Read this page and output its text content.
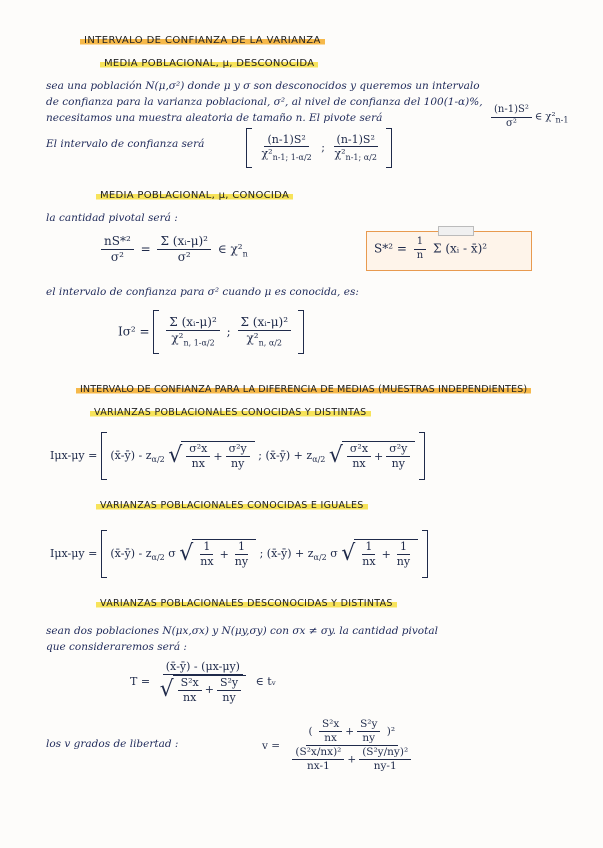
INTERVALO DE CONFIANZA DE LA VARIANZA
MEDIA POBLACIONAL, μ, DESCONOCIDA
sea una población N(μ,σ²) donde μ y σ son desconocidos y queremos un intervalo
de confianza para la varianza poblacional, σ², al nivel de confianza del 100(1-α)%,
necesitamos una muestra aleatoria de tamaño n. El pivote será	$\frac{\text{(n-1)S²}}{\text{σ²}}$ ∈ $\chi^2_{n-1}$
El intervalo de confianza será
	$\frac{\text{(n-1)S²}}{\chi^2_{n-1; 1-\alpha/2}}$ ; $\frac{\text{(n-1)S²}}{\chi^2_{n-1; \alpha/2}}$

MEDIA POBLACIONAL, μ, CONOCIDA
la cantidad pivotal será :
$\frac{\text{nS*²}}{\text{σ²}} = \frac{\text{Σ (xᵢ-μ)²}}{\text{σ²}}$ ∈ $\chi^2_n$	$S*^2 = \frac{1}{n}$ Σ (xᵢ - x̄)²
el intervalo de confianza para σ² cuando μ es conocida, es:
$I\sigma^2 = \frac{\text{Σ (xᵢ-μ)²}}{\chi^2_{n, 1-\alpha/2}}$ ; $\frac{\text{Σ (xᵢ-μ)²}}{\chi^2_{n, \alpha/2}}$

INTERVALO DE CONFIANZA PARA LA DIFERENCIA DE MEDIAS (MUESTRAS INDEPENDIENTES)
VARIANZAS POBLACIONALES CONOCIDAS Y DISTINTAS
Iμx-μy = (x̄-ȳ) - $z_{\alpha/2}$ √ $\frac{\text{σ²x}}{nx} + \frac{\text{σ²y}}{ny}$ ; (x̄-ȳ) + $z_{\alpha/2}$ √ $\frac{\text{σ²x}}{nx} + \frac{\text{σ²y}}{ny}$

VARIANZAS POBLACIONALES CONOCIDAS E IGUALES
Iμx-μy = (x̄-ȳ) - $z_{\alpha/2}$ σ √ $\frac{1}{nx} + \frac{1}{ny}$ ; (x̄-ȳ) + $z_{\alpha/2}$ σ √ $\frac{1}{nx} + \frac{1}{ny}$

VARIANZAS POBLACIONALES DESCONOCIDAS Y DISTINTAS
sean dos poblaciones N(μx,σx) y N(μy,σy) con σx ≠ σy. la cantidad pivotal
que consideraremos será :
$T = \frac{(x̄-ȳ) - (\mu x-\mu y)}{√ \frac{\text{S²x}}{nx} + \frac{\text{S²y}}{ny}}$ ∈ tᵥ
los v grados de libertad :	$v = \frac{( \frac{\text{S²x}}{nx} + \frac{\text{S²y}}{ny} )^2}{\frac{\text{(S²x/nx)²}}{nx-1} + \frac{\text{(S²y/ny)²}}{ny-1}}$
